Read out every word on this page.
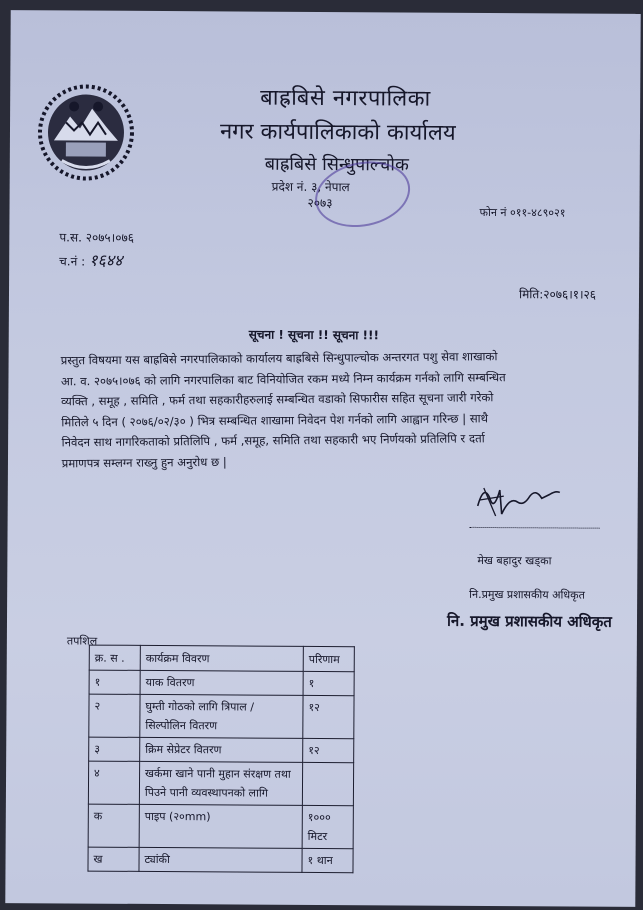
बाह्रबिसे नगरपालिका
नगर कार्यपालिकाको कार्यालय
बाह्रबिसे सिन्धुपाल्चोक
प्रदेश नं. ३, नेपाल
२०७३
फोन नं ०११-४८९०२१
प.स. २०७५।०७६
च.नं : १६४४
मिति:२०७६।१।२६
सूचना ! सूचना !! सूचना !!!
प्रस्तुत विषयमा यस बाह्रबिसे नगरपालिकाको कार्यालय बाह्रबिसे सिन्धुपाल्चोक अन्तरगत पशु सेवा शाखाको
आ. व. २०७५।०७६ को लागि नगरपालिका बाट विनियोजित रकम मध्ये निम्न कार्यक्रम गर्नको लागि सम्बन्धित
व्यक्ति , समूह , समिति , फर्म तथा सहकारीहरुलाई सम्बन्धित वडाको सिफारीस सहित सूचना जारी गरेको
मितिले ५ दिन ( २०७६/०२/३० ) भित्र सम्बन्धित शाखामा निवेदन पेश गर्नको लागि आह्वान गरिन्छ | साथै
निवेदन साथ नागरिकताको प्रतिलिपि , फर्म ,समूह, समिति तथा सहकारी भए निर्णयको प्रतिलिपि र दर्ता
प्रमाणपत्र सम्लग्न राख्नु हुन अनुरोध छ |
मेख बहादुर खड्का
नि.प्रमुख प्रशासकीय अधिकृत
नि. प्रमुख प्रशासकीय अधिकृत
तपशिल
क्र. स .	कार्यक्रम विवरण	परिणाम
१	याक वितरण	१
२	घुम्ती गोठको लागि त्रिपाल / सिल्पोलिन वितरण	१२
३	क्रिम सेप्रेटर वितरण	१२
४	खर्कमा खाने पानी मुहान संरक्षण तथा पिउने पानी व्यवस्थापनको लागि	
क	पाइप (२०mm)	१००० मिटर
ख	ट्यांकी	१ थान
